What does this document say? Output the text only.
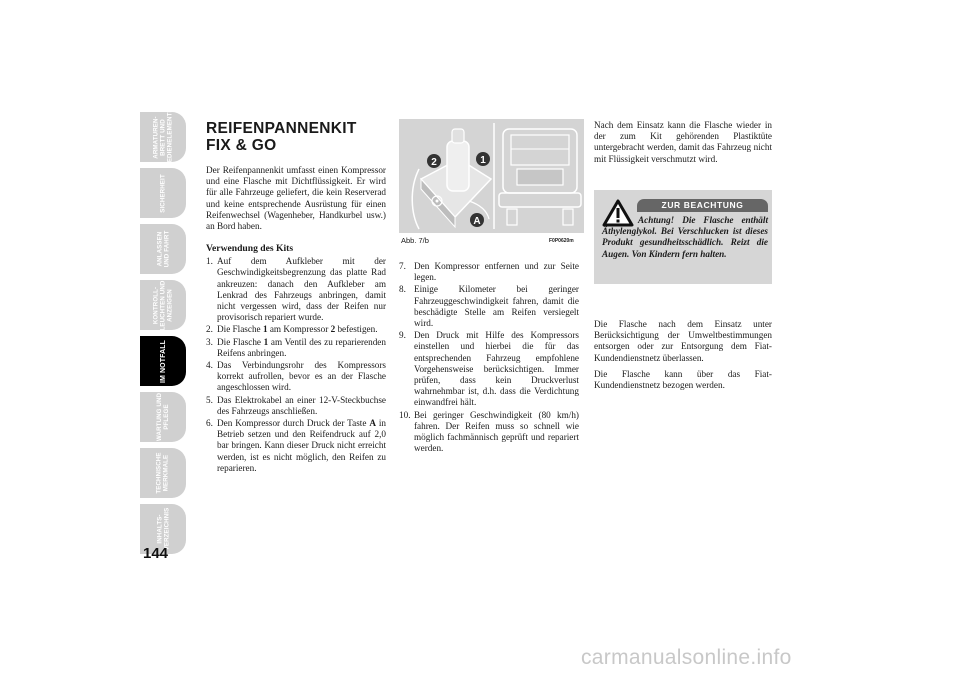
ARMATUREN-
BRETT UND
BEDIENELEMENTE
SICHERHEIT
ANLASSEN
UND FAHRT
KONTROLL-
LEUCHTEN UND
ANZEIGEN
IM NOTFALL
WARTUNG UND
PFLEGE
TECHNISCHE
MERKMALE
INHALTS-
VERZEICHNIS
144
REIFENPANNENKIT
FIX & GO

Der Reifenpannenkit umfasst einen Kompressor und eine Flasche mit Dichtflüssigkeit. Er wird für alle Fahrzeuge geliefert, die kein Reserverad und keine entsprechende Ausrüstung für einen Reifenwechsel (Wagenheber, Handkurbel usw.) an Bord haben.

Verwendung des Kits
1. Auf dem Aufkleber mit der Geschwindigkeitsbegrenzung das platte Rad ankreuzen: danach den Aufkleber am Lenkrad des Fahrzeugs anbringen, damit nicht vergessen wird, dass der Reifen nur provisorisch repariert wurde.
2. Die Flasche 1 am Kompressor 2 befestigen.
3. Die Flasche 1 am Ventil des zu reparierenden Reifens anbringen.
4. Das Verbindungsrohr des Kompressors korrekt aufrollen, bevor es an der Flasche angeschlossen wird.
5. Das Elektrokabel an einer 12-V-Steckbuchse des Fahrzeugs anschließen.
6. Den Kompressor durch Druck der Taste A in Betrieb setzen und den Reifendruck auf 2,0 bar bringen. Kann dieser Druck nicht erreicht werden, ist es nicht möglich, den Reifen zu reparieren.
2	1
A
Abb. 7/b	F0P0620m
7. Den Kompressor entfernen und zur Seite legen.
8. Einige Kilometer bei geringer Fahrzeuggeschwindigkeit fahren, damit die beschädigte Stelle am Reifen versiegelt wird.
9. Den Druck mit Hilfe des Kompressors einstellen und hierbei die für das entsprechenden Fahrzeug empfohlene Vorgehensweise berücksichtigen. Immer prüfen, dass kein Druckverlust wahrnehmbar ist, d.h. dass die Verdichtung einwandfrei hält.
10. Bei geringer Geschwindigkeit (80 km/h) fahren. Der Reifen muss so schnell wie möglich fachmännisch geprüft und repariert werden.

Nach dem Einsatz kann die Flasche wieder in der zum Kit gehörenden Plastiktüte untergebracht werden, damit das Fahrzeug nicht mit Flüssigkeit verschmutzt wird.

ZUR BEACHTUNG
Achtung! Die Flasche enthält Äthylenglykol. Bei Verschlucken ist dieses Produkt gesundheitsschädlich. Reizt die Augen. Von Kindern fern halten.

Die Flasche nach dem Einsatz unter Berücksichtigung der Umweltbestimmungen entsorgen oder zur Entsorgung dem Fiat-Kundendienstnetz überlassen.

Die Flasche kann über das Fiat-Kundendienstnetz bezogen werden.

carmanualsonline.info
